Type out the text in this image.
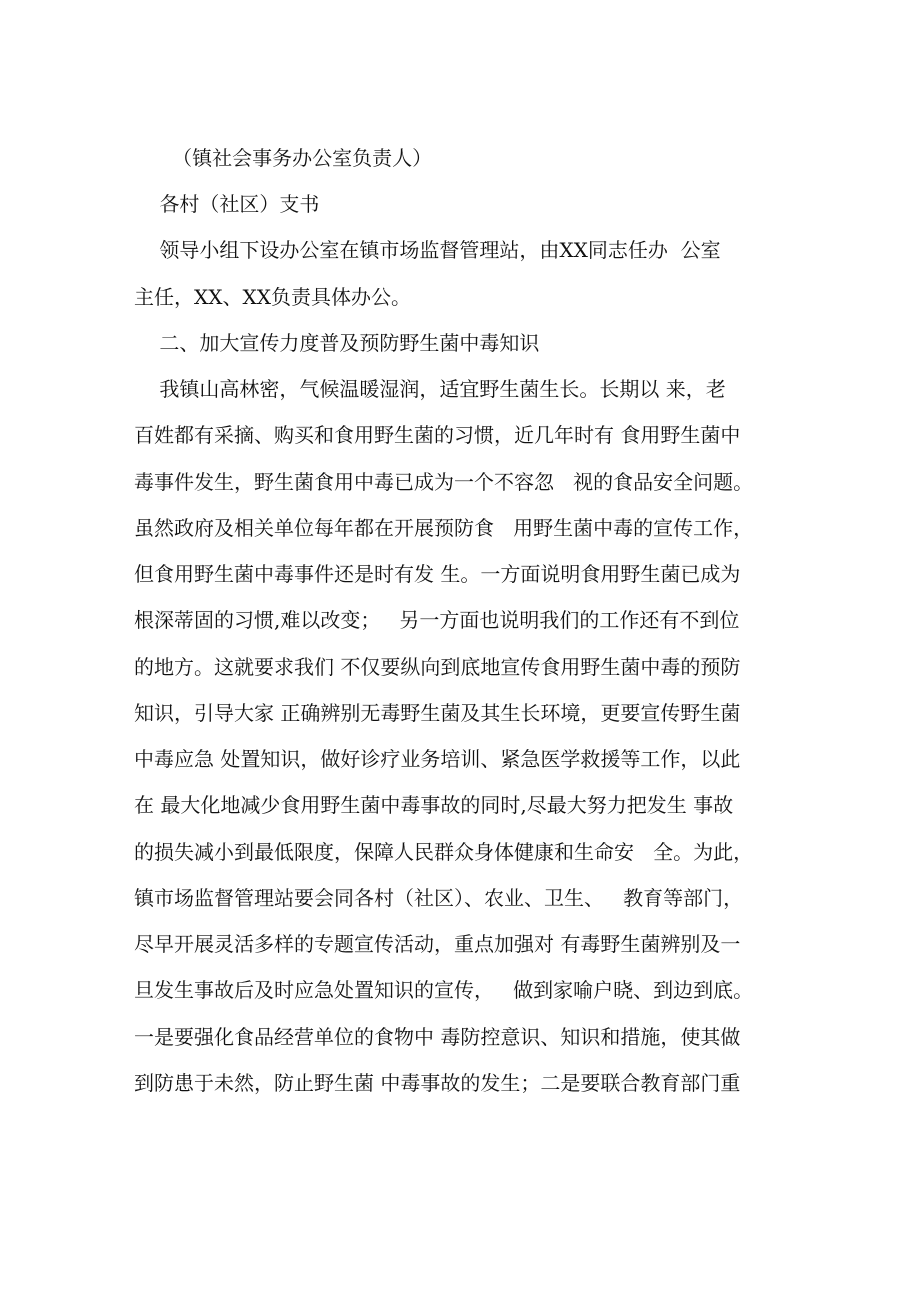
（镇社会事务办公室负责人）
各村（社区）支书
领导小组下设办公室在镇市场监督管理站，由XX同志任办  公室
主任，XX、XX负责具体办公。
二、加大宣传力度普及预防野生菌中毒知识
我镇山高林密，气候温暖湿润，适宜野生菌生长。长期以 来，老
百姓都有采摘、购买和食用野生菌的习惯，近几年时有 食用野生菌中
毒事件发生，野生菌食用中毒已成为一个不容忽   视的食品安全问题。
虽然政府及相关单位每年都在开展预防食   用野生菌中毒的宣传工作，
但食用野生菌中毒事件还是时有发 生。一方面说明食用野生菌已成为
根深蒂固的习惯,难以改变；   另一方面也说明我们的工作还有不到位
的地方。这就要求我们 不仅要纵向到底地宣传食用野生菌中毒的预防
知识，引导大家 正确辨别无毒野生菌及其生长环境，更要宣传野生菌
中毒应急 处置知识，做好诊疗业务培训、紧急医学救援等工作，以此
在 最大化地减少食用野生菌中毒事故的同时,尽最大努力把发生 事故
的损失减小到最低限度，保障人民群众身体健康和生命安   全。为此，
镇市场监督管理站要会同各村（社区）、农业、卫生、   教育等部门，
尽早开展灵活多样的专题宣传活动，重点加强对 有毒野生菌辨别及一
旦发生事故后及时应急处置知识的宣传，   做到家喻户晓、到边到底。
一是要强化食品经营单位的食物中 毒防控意识、知识和措施，使其做
到防患于未然，防止野生菌 中毒事故的发生；二是要联合教育部门重
